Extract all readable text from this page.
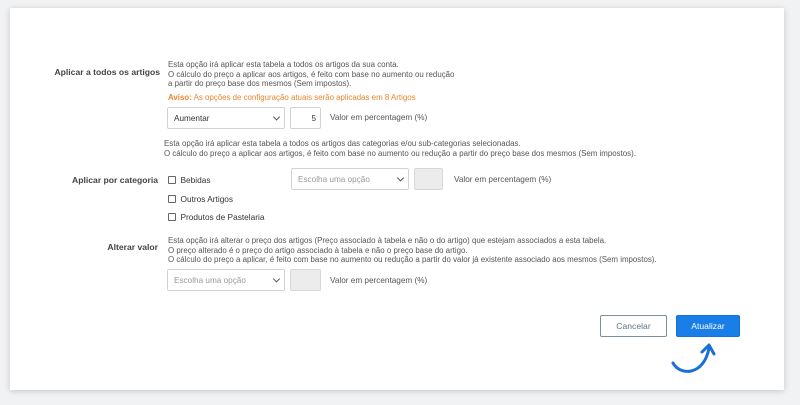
Aplicar a todos os artigos
Esta opção irá aplicar esta tabela a todos os artigos da sua conta.
O cálculo do preço a aplicar aos artigos, é feito com base no aumento ou redução
a partir do preço base dos mesmos (Sem impostos).
Aviso: As opções de configuração atuais serão aplicadas em 8 Artigos
Aumentar	5	Valor em percentagem (%)
Esta opção irá aplicar esta tabela a todos os artigos das categorias e/ou sub-categorias selecionadas.
O cálculo do preço a aplicar aos artigos, é feito com base no aumento ou redução a partir do preço base dos mesmos (Sem impostos).
Aplicar por categoria	Bebidas
Outros Artigos
Produtos de Pastelaria
Escolha uma opção	Valor em percentagem (%)
Alterar valor
Esta opção irá alterar o preço dos artigos (Preço associado à tabela e não o do artigo) que estejam associados a esta tabela.
O preço alterado é o preço do artigo associado à tabela e não o preço base do artigo.
O cálculo do preço a aplicar, é feito com base no aumento ou redução a partir do valor já existente associado aos mesmos (Sem impostos).
Escolha uma opção	Valor em percentagem (%)
Cancelar	Atualizar
